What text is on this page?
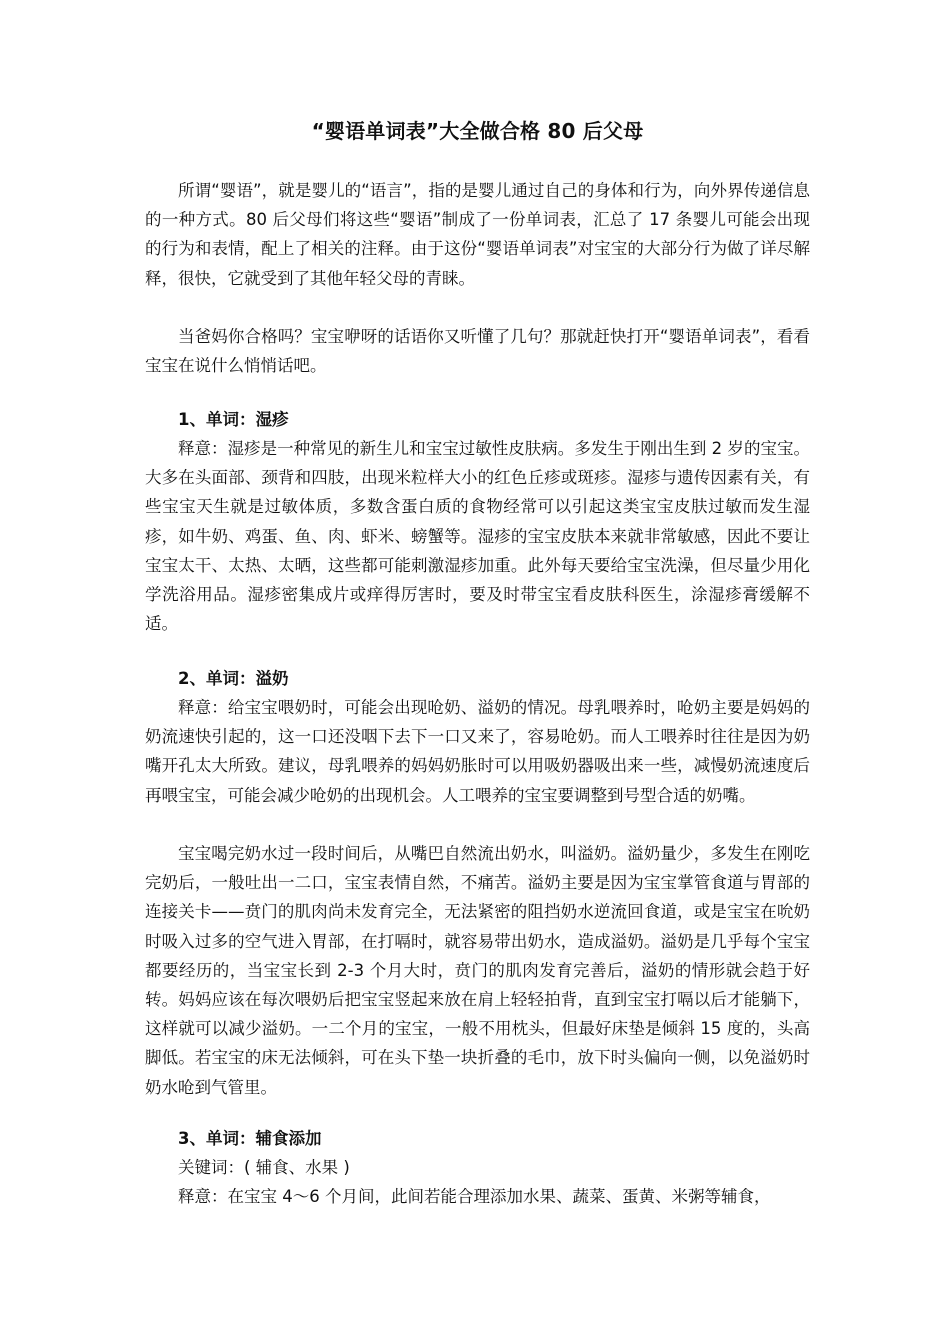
“婴语单词表”大全做合格 80 后父母

所谓“婴语”，就是婴儿的“语言”，指的是婴儿通过自己的身体和行为，向外界传递信息的一种方式。80 后父母们将这些“婴语”制成了一份单词表，汇总了 17 条婴儿可能会出现的行为和表情，配上了相关的注释。由于这份“婴语单词表”对宝宝的大部分行为做了详尽解释，很快，它就受到了其他年轻父母的青睐。

当爸妈你合格吗？宝宝咿呀的话语你又听懂了几句？那就赶快打开“婴语单词表”，看看宝宝在说什么悄悄话吧。

1、单词：湿疹

释意：湿疹是一种常见的新生儿和宝宝过敏性皮肤病。多发生于刚出生到 2 岁的宝宝。大多在头面部、颈背和四肢，出现米粒样大小的红色丘疹或斑疹。湿疹与遗传因素有关，有些宝宝天生就是过敏体质，多数含蛋白质的食物经常可以引起这类宝宝皮肤过敏而发生湿疹，如牛奶、鸡蛋、鱼、肉、虾米、螃蟹等。湿疹的宝宝皮肤本来就非常敏感，因此不要让宝宝太干、太热、太晒，这些都可能刺激湿疹加重。此外每天要给宝宝洗澡，但尽量少用化学洗浴用品。湿疹密集成片或痒得厉害时，要及时带宝宝看皮肤科医生，涂湿疹膏缓解不适。

2、单词：溢奶

释意：给宝宝喂奶时，可能会出现呛奶、溢奶的情况。母乳喂养时，呛奶主要是妈妈的奶流速快引起的，这一口还没咽下去下一口又来了，容易呛奶。而人工喂养时往往是因为奶嘴开孔太大所致。建议，母乳喂养的妈妈奶胀时可以用吸奶器吸出来一些，减慢奶流速度后再喂宝宝，可能会减少呛奶的出现机会。人工喂养的宝宝要调整到号型合适的奶嘴。

宝宝喝完奶水过一段时间后，从嘴巴自然流出奶水，叫溢奶。溢奶量少，多发生在刚吃完奶后，一般吐出一二口，宝宝表情自然，不痛苦。溢奶主要是因为宝宝掌管食道与胃部的连接关卡——贲门的肌肉尚未发育完全，无法紧密的阻挡奶水逆流回食道，或是宝宝在吮奶时吸入过多的空气进入胃部，在打嗝时，就容易带出奶水，造成溢奶。溢奶是几乎每个宝宝都要经历的，当宝宝长到 2-3 个月大时，贲门的肌肉发育完善后，溢奶的情形就会趋于好转。妈妈应该在每次喂奶后把宝宝竖起来放在肩上轻轻拍背，直到宝宝打嗝以后才能躺下，这样就可以减少溢奶。一二个月的宝宝，一般不用枕头，但最好床垫是倾斜 15 度的，头高脚低。若宝宝的床无法倾斜，可在头下垫一块折叠的毛巾，放下时头偏向一侧，以免溢奶时奶水呛到气管里。

3、单词：辅食添加
关键词：( 辅食、水果 )
释意：在宝宝 4～6 个月间，此间若能合理添加水果、蔬菜、蛋黄、米粥等辅食，
